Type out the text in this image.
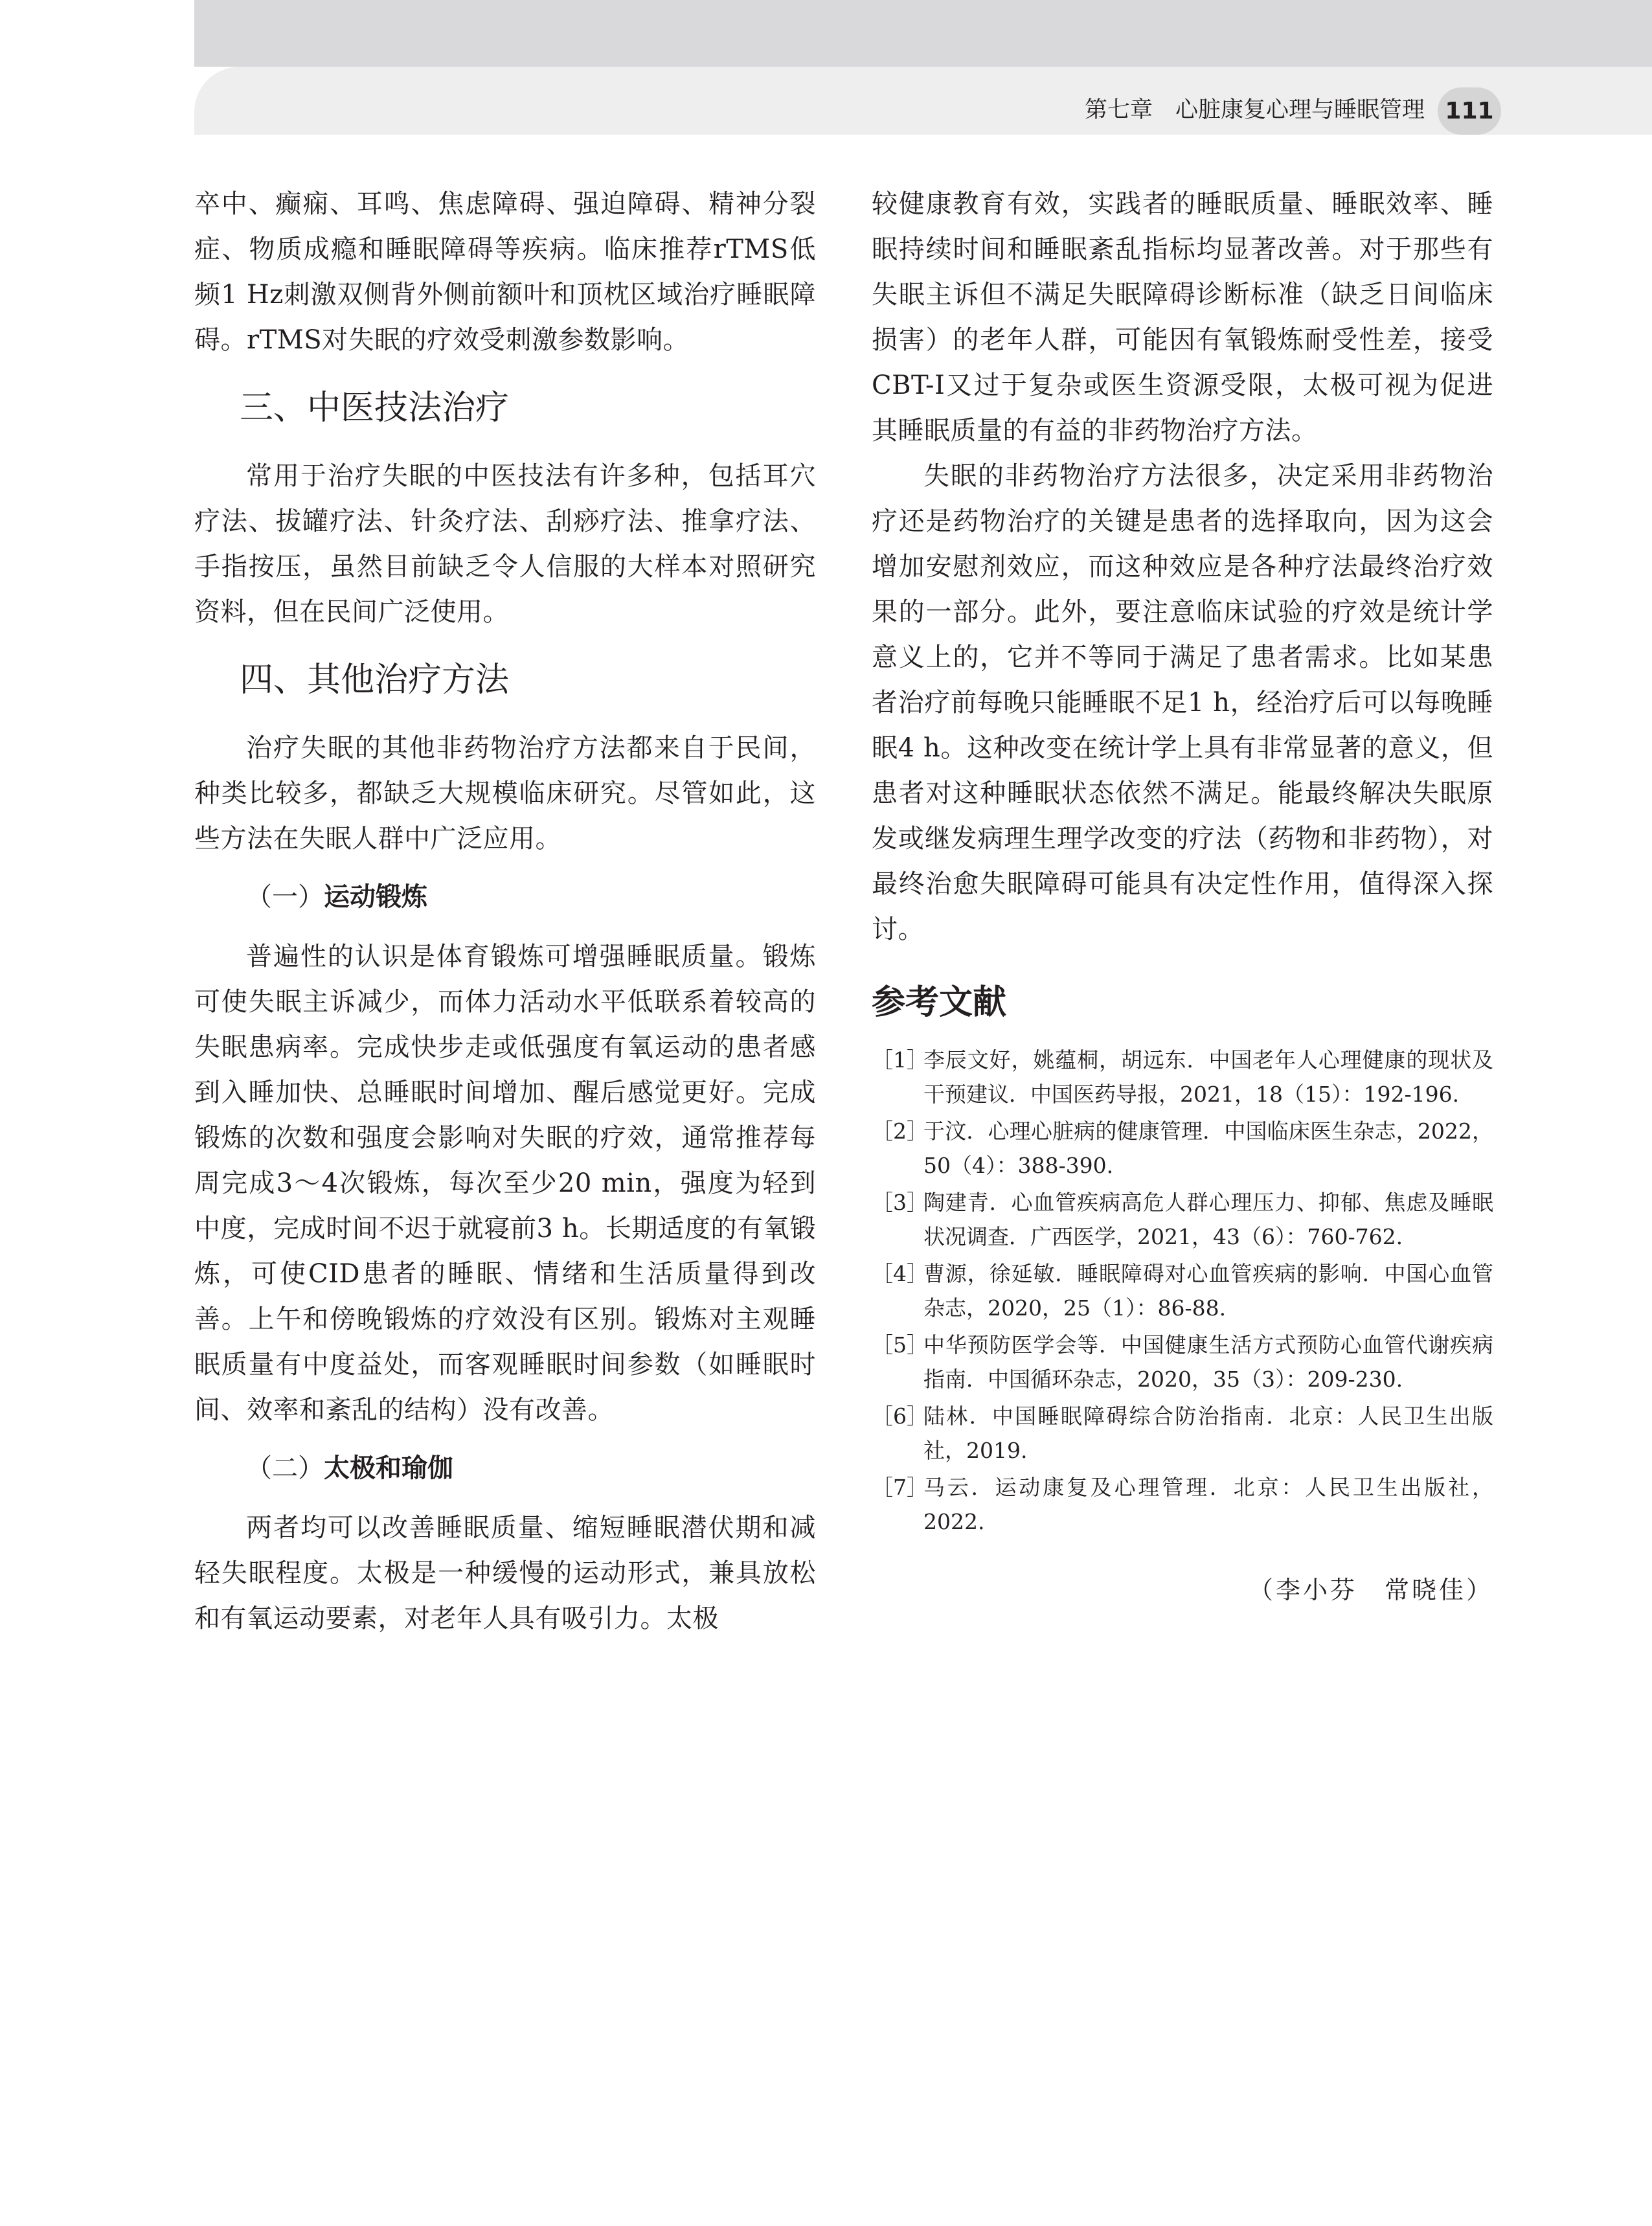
第七章　心脏康复心理与睡眠管理 111

卒中、癫痫、耳鸣、焦虑障碍、强迫障碍、精神分裂症、物质成瘾和睡眠障碍等疾病。临床推荐rTMS低频1 Hz刺激双侧背外侧前额叶和顶枕区域治疗睡眠障碍。rTMS对失眠的疗效受刺激参数影响。

三、中医技法治疗

常用于治疗失眠的中医技法有许多种，包括耳穴疗法、拔罐疗法、针灸疗法、刮痧疗法、推拿疗法、手指按压，虽然目前缺乏令人信服的大样本对照研究资料，但在民间广泛使用。

四、其他治疗方法

治疗失眠的其他非药物治疗方法都来自于民间，种类比较多，都缺乏大规模临床研究。尽管如此，这些方法在失眠人群中广泛应用。

（一）运动锻炼

普遍性的认识是体育锻炼可增强睡眠质量。锻炼可使失眠主诉减少，而体力活动水平低联系着较高的失眠患病率。完成快步走或低强度有氧运动的患者感到入睡加快、总睡眠时间增加、醒后感觉更好。完成锻炼的次数和强度会影响对失眠的疗效，通常推荐每周完成3～4次锻炼，每次至少20 min，强度为轻到中度，完成时间不迟于就寝前3 h。长期适度的有氧锻炼，可使CID患者的睡眠、情绪和生活质量得到改善。上午和傍晚锻炼的疗效没有区别。锻炼对主观睡眠质量有中度益处，而客观睡眠时间参数（如睡眠时间、效率和紊乱的结构）没有改善。

（二）太极和瑜伽

两者均可以改善睡眠质量、缩短睡眠潜伏期和减轻失眠程度。太极是一种缓慢的运动形式，兼具放松和有氧运动要素，对老年人具有吸引力。太极

较健康教育有效，实践者的睡眠质量、睡眠效率、睡眠持续时间和睡眠紊乱指标均显著改善。对于那些有失眠主诉但不满足失眠障碍诊断标准（缺乏日间临床损害）的老年人群，可能因有氧锻炼耐受性差，接受CBT-I又过于复杂或医生资源受限，太极可视为促进其睡眠质量的有益的非药物治疗方法。

失眠的非药物治疗方法很多，决定采用非药物治疗还是药物治疗的关键是患者的选择取向，因为这会增加安慰剂效应，而这种效应是各种疗法最终治疗效果的一部分。此外，要注意临床试验的疗效是统计学意义上的，它并不等同于满足了患者需求。比如某患者治疗前每晚只能睡眠不足1 h，经治疗后可以每晚睡眠4 h。这种改变在统计学上具有非常显著的意义，但患者对这种睡眠状态依然不满足。能最终解决失眠原发或继发病理生理学改变的疗法（药物和非药物），对最终治愈失眠障碍可能具有决定性作用，值得深入探讨。

参考文献
［1］
李辰文好，姚蕴桐，胡远东．中国老年人心理健康的现状及干预建议．中国医药导报，2021，18（15）：192-196.
［2］
于汶．心理心脏病的健康管理．中国临床医生杂志，2022，50（4）：388-390.
［3］
陶建青．心血管疾病高危人群心理压力、抑郁、焦虑及睡眠状况调查．广西医学，2021，43（6）：760-762.
［4］
曹源，徐延敏．睡眠障碍对心血管疾病的影响．中国心血管杂志，2020，25（1）：86-88.
［5］
中华预防医学会等．中国健康生活方式预防心血管代谢疾病指南．中国循环杂志，2020，35（3）：209-230.
［6］
陆林．中国睡眠障碍综合防治指南．北京：人民卫生出版社，2019.
［7］
马云．运动康复及心理管理．北京：人民卫生出版社，2022.
（李小芬　常晓佳）
